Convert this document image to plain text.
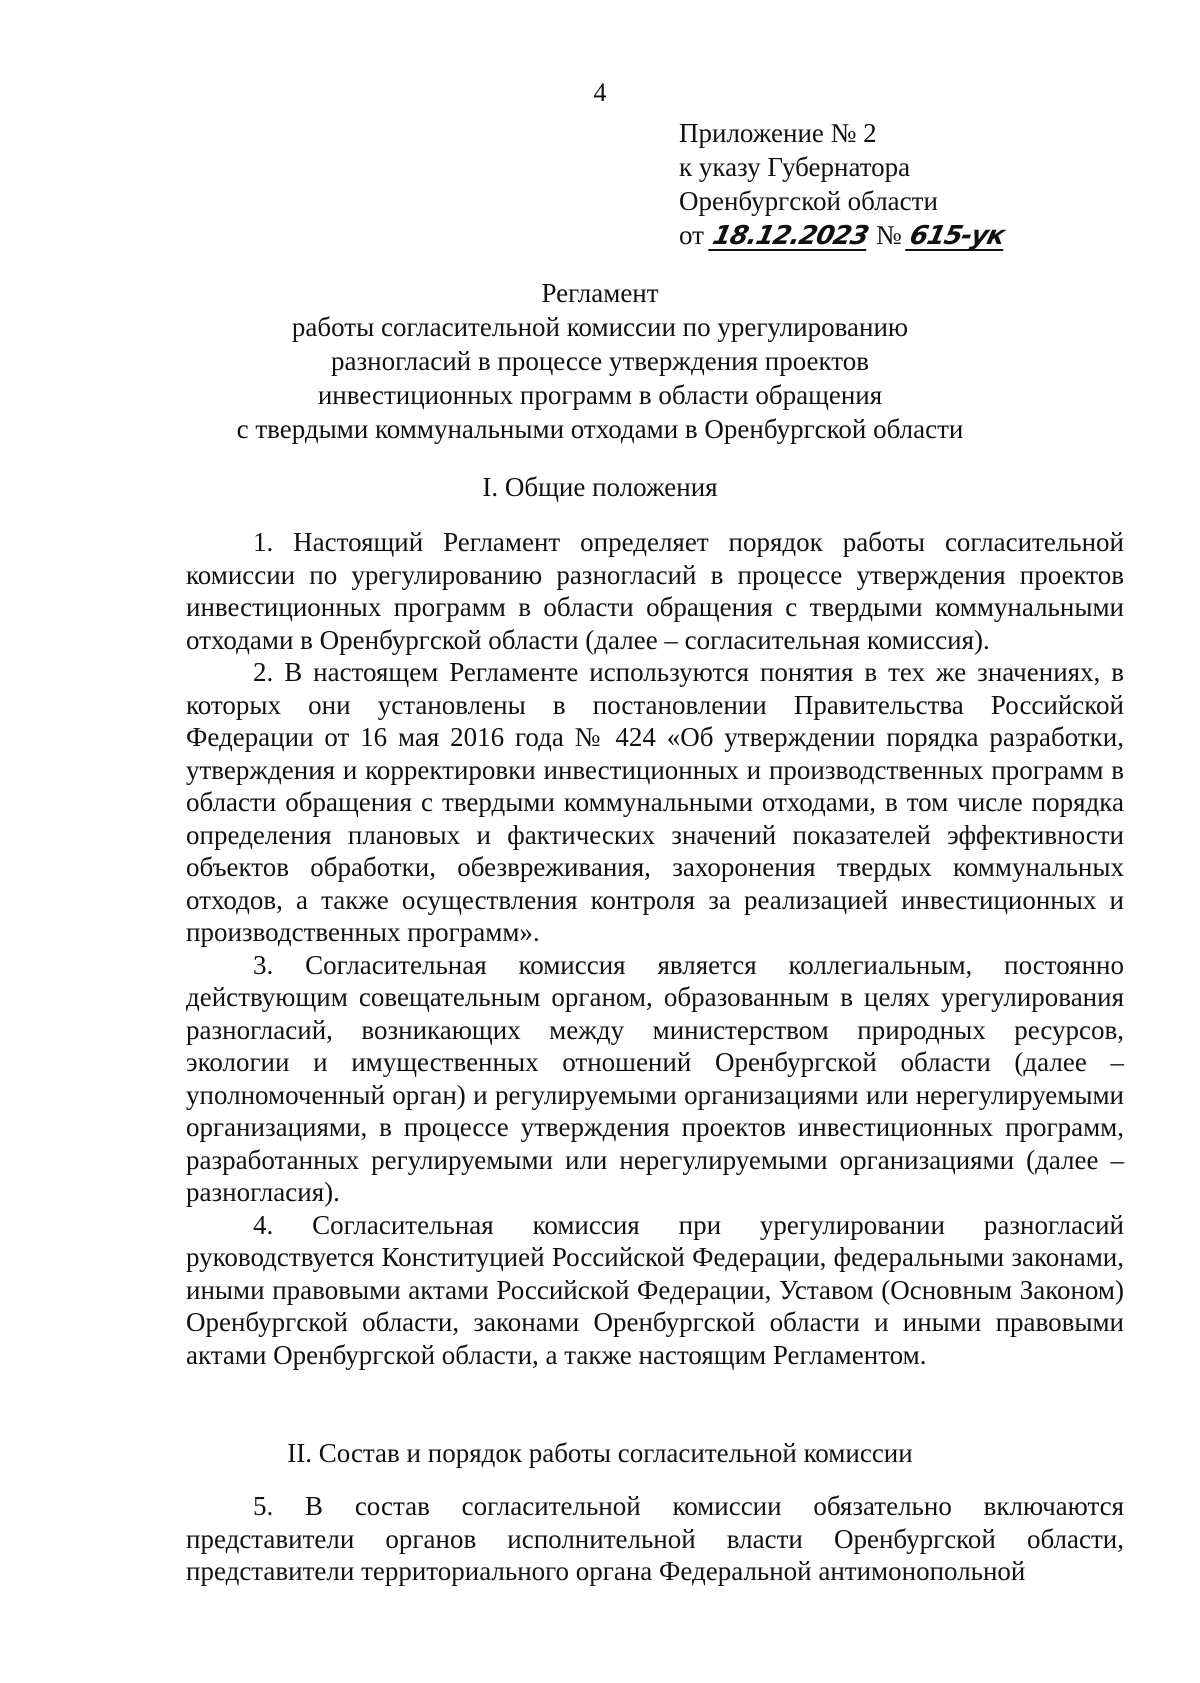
4
Приложение № 2
к указу Губернатора
Оренбургской области
от 18.12.2023 № 615-ук
Регламент
работы согласительной комиссии по урегулированию
разногласий в процессе утверждения проектов
инвестиционных программ в области обращения
с твердыми коммунальными отходами в Оренбургской области
I. Общие положения

1. Настоящий Регламент определяет порядок работы согласительной комиссии по урегулированию разногласий в процессе утверждения проектов инвестиционных программ в области обращения с твердыми коммунальными отходами в Оренбургской области (далее – согласительная комиссия).

2. В настоящем Регламенте используются понятия в тех же значениях, в которых они установлены в постановлении Правительства Российской Федерации от 16 мая 2016 года № 424 «Об утверждении порядка разработки, утверждения и корректировки инвестиционных и производственных программ в области обращения с твердыми коммунальными отходами, в том числе порядка определения плановых и фактических значений показателей эффективности объектов обработки, обезвреживания, захоронения твердых коммунальных отходов, а также осуществления контроля за реализацией инвестиционных и производственных программ».

3. Согласительная комиссия является коллегиальным, постоянно действующим совещательным органом, образованным в целях урегулирования разногласий, возникающих между министерством природных ресурсов, экологии и имущественных отношений Оренбургской области (далее – уполномоченный орган) и регулируемыми организациями или нерегулируемыми организациями, в процессе утверждения проектов инвестиционных программ, разработанных регулируемыми или нерегулируемыми организациями (далее – разногласия).

4. Согласительная комиссия при урегулировании разногласий руководствуется Конституцией Российской Федерации, федеральными законами, иными правовыми актами Российской Федерации, Уставом (Основным Законом) Оренбургской области, законами Оренбургской области и иными правовыми актами Оренбургской области, а также настоящим Регламентом.

II. Состав и порядок работы согласительной комиссии

5. В состав согласительной комиссии обязательно включаются представители органов исполнительной власти Оренбургской области, представители территориального органа Федеральной антимонопольной
